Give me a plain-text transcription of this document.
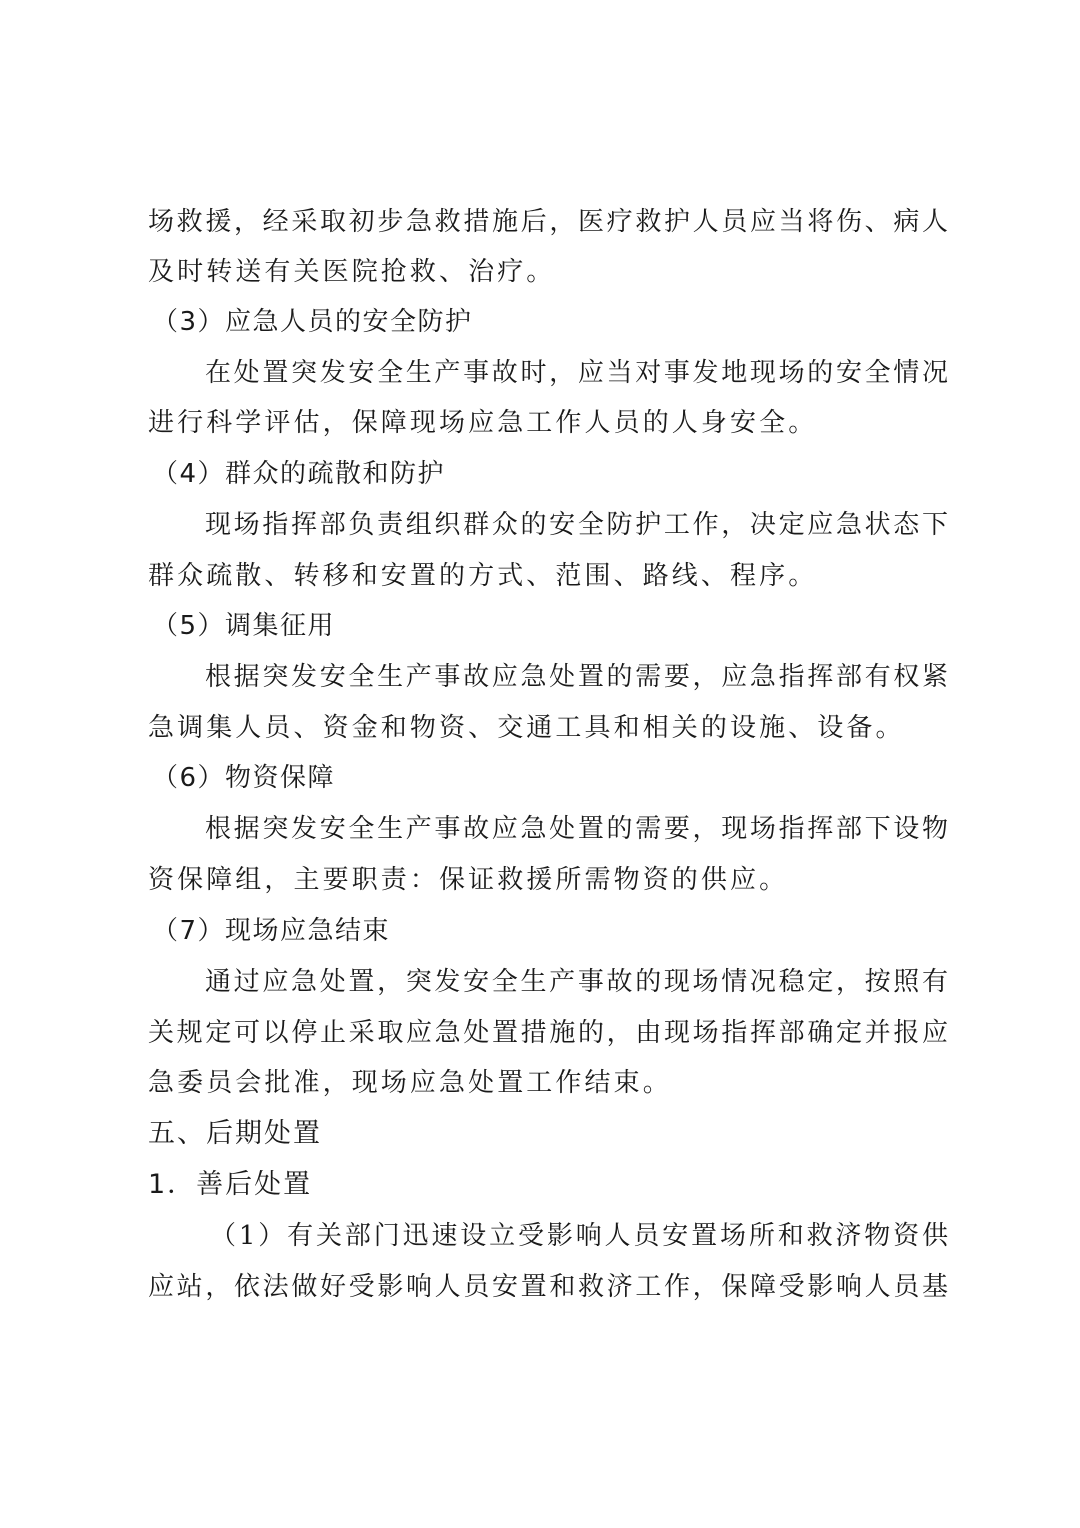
场救援，经采取初步急救措施后，医疗救护人员应当将伤、病人
及时转送有关医院抢救、治疗。
（3）应急人员的安全防护
在处置突发安全生产事故时，应当对事发地现场的安全情况
进行科学评估，保障现场应急工作人员的人身安全。
（4）群众的疏散和防护
现场指挥部负责组织群众的安全防护工作，决定应急状态下
群众疏散、转移和安置的方式、范围、路线、程序。
（5）调集征用
根据突发安全生产事故应急处置的需要，应急指挥部有权紧
急调集人员、资金和物资、交通工具和相关的设施、设备。
（6）物资保障
根据突发安全生产事故应急处置的需要，现场指挥部下设物
资保障组，主要职责：保证救援所需物资的供应。
（7）现场应急结束
通过应急处置，突发安全生产事故的现场情况稳定，按照有
关规定可以停止采取应急处置措施的，由现场指挥部确定并报应
急委员会批准，现场应急处置工作结束。
五、后期处置
1．善后处置
（1）有关部门迅速设立受影响人员安置场所和救济物资供
应站，依法做好受影响人员安置和救济工作，保障受影响人员基
